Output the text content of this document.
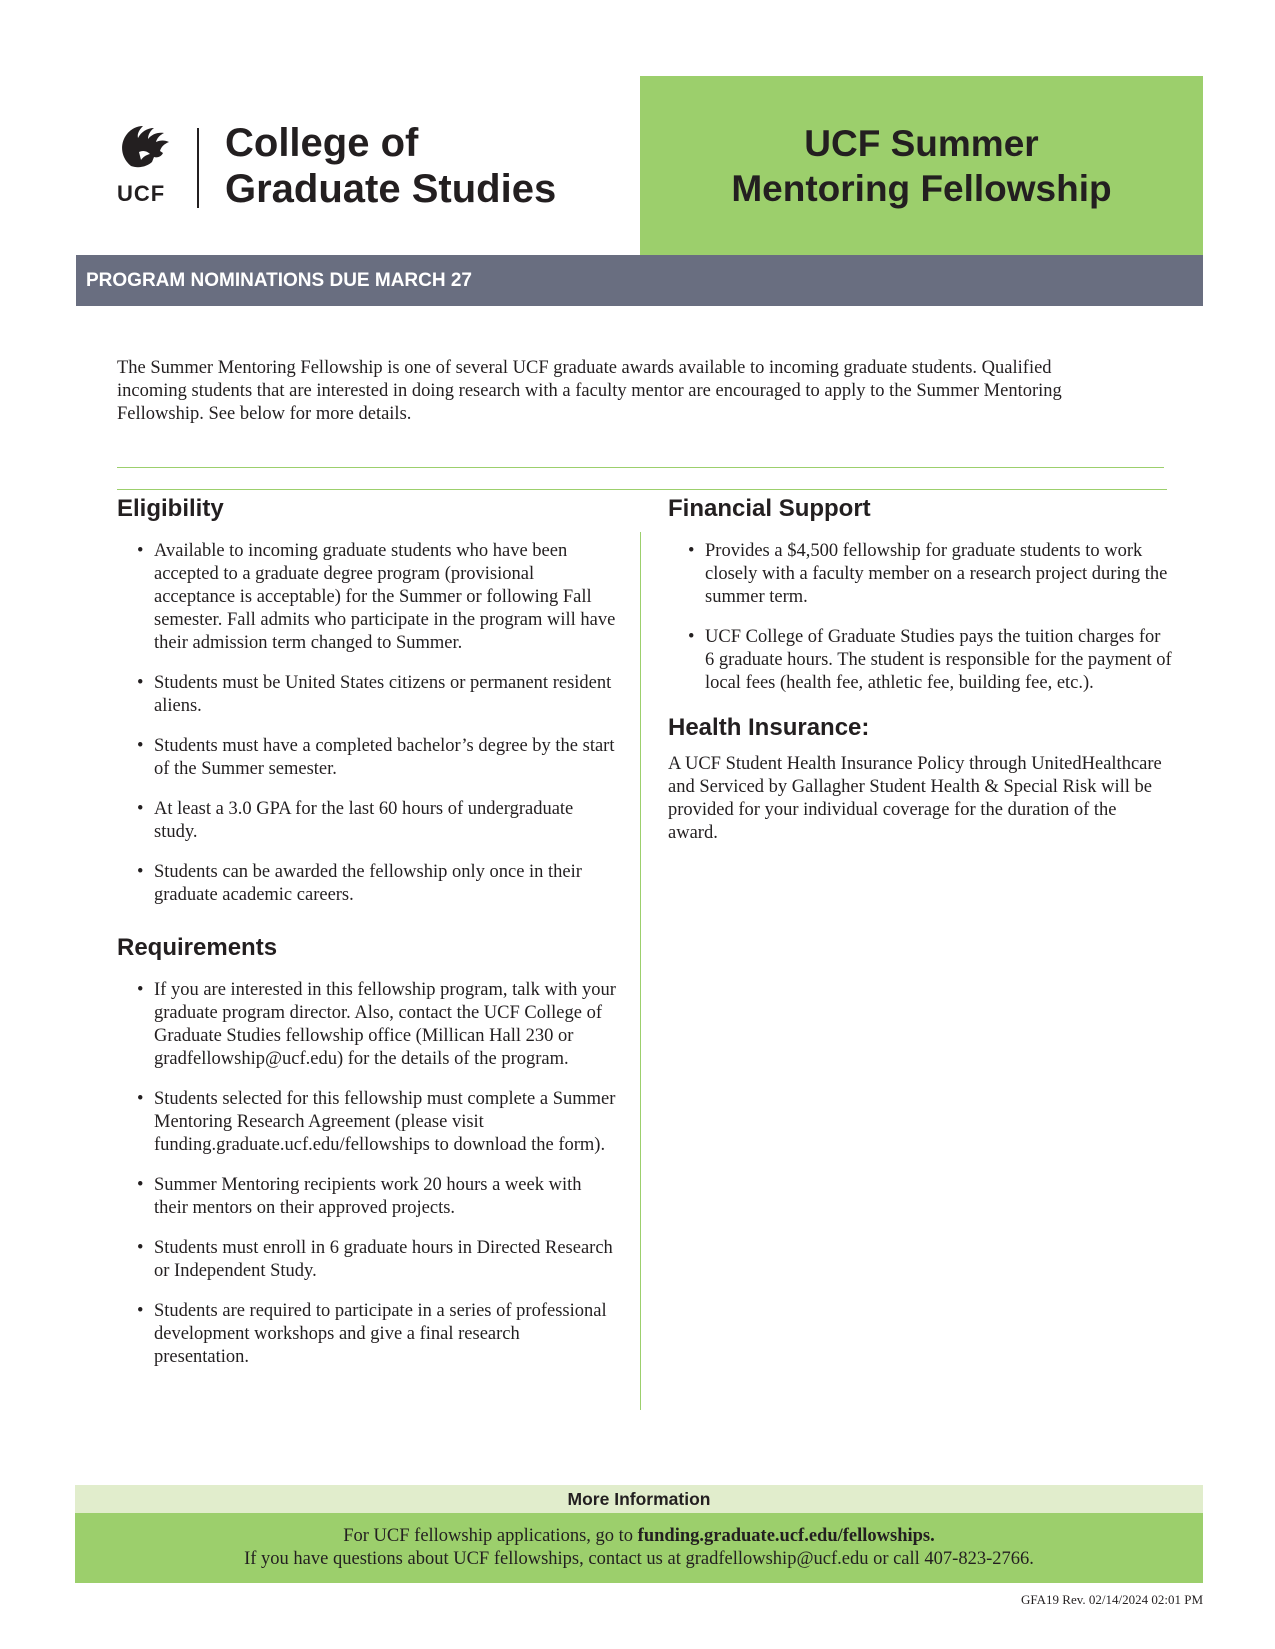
UCF
College of
Graduate Studies
UCF Summer
Mentoring Fellowship
PROGRAM NOMINATIONS DUE MARCH 27

The Summer Mentoring Fellowship is one of several UCF graduate awards available to incoming graduate students. Qualified incoming students that are interested in doing research with a faculty mentor are encouraged to apply to the Summer Mentoring Fellowship. See below for more details.

Eligibility
• Available to incoming graduate students who have been accepted to a graduate degree program (provisional acceptance is acceptable) for the Summer or following Fall semester. Fall admits who participate in the program will have their admission term changed to Summer.
• Students must be United States citizens or permanent resident aliens.
• Students must have a completed bachelor’s degree by the start of the Summer semester.
• At least a 3.0 GPA for the last 60 hours of undergraduate study.
• Students can be awarded the fellowship only once in their graduate academic careers.
Requirements
• If you are interested in this fellowship program, talk with your graduate program director. Also, contact the UCF College of Graduate Studies fellowship office (Millican Hall 230 or gradfellowship@ucf.edu) for the details of the program.
• Students selected for this fellowship must complete a Summer Mentoring Research Agreement (please visit funding.graduate.ucf.edu/fellowships to download the form).
• Summer Mentoring recipients work 20 hours a week with their mentors on their approved projects.
• Students must enroll in 6 graduate hours in Directed Research or Independent Study.
• Students are required to participate in a series of professional development workshops and give a final research presentation.
Financial Support
• Provides a $4,500 fellowship for graduate students to work closely with a faculty member on a research project during the summer term.
• UCF College of Graduate Studies pays the tuition charges for 6 graduate hours. The student is responsible for the payment of local fees (health fee, athletic fee, building fee, etc.).
Health Insurance:

A UCF Student Health Insurance Policy through UnitedHealthcare and Serviced by Gallagher Student Health & Special Risk will be provided for your individual coverage for the duration of the award.

More Information
For UCF fellowship applications, go to funding.graduate.ucf.edu/fellowships.
If you have questions about UCF fellowships, contact us at gradfellowship@ucf.edu or call 407-823-2766.
GFA19 Rev. 02/14/2024 02:01 PM
